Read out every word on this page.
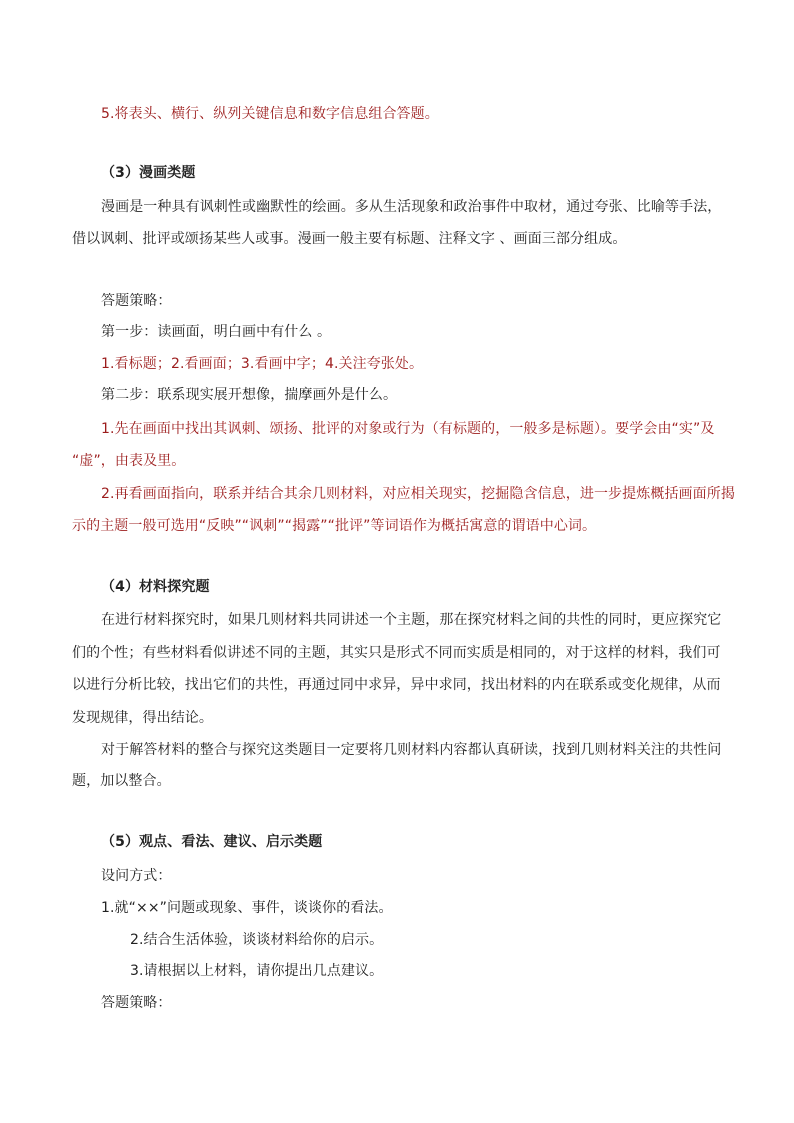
5.将表头、横行、纵列关键信息和数字信息组合答题。
（3）漫画类题
漫画是一种具有讽刺性或幽默性的绘画。多从生活现象和政治事件中取材，通过夸张、比喻等手法，
借以讽刺、批评或颂扬某些人或事。漫画一般主要有标题、注释文字 、画面三部分组成。
答题策略：
第一步：读画面，明白画中有什么 。
1.看标题；2.看画面；3.看画中字；4.关注夸张处。
第二步：联系现实展开想像，揣摩画外是什么。
1.先在画面中找出其讽刺、颂扬、批评的对象或行为（有标题的，一般多是标题）。要学会由“实”及
“虚”，由表及里。
2.再看画面指向，联系并结合其余几则材料，对应相关现实，挖掘隐含信息，进一步提炼概括画面所揭
示的主题一般可选用“反映”“讽刺”“揭露”“批评”等词语作为概括寓意的谓语中心词。
（4）材料探究题
在进行材料探究时，如果几则材料共同讲述一个主题，那在探究材料之间的共性的同时，更应探究它
们的个性；有些材料看似讲述不同的主题，其实只是形式不同而实质是相同的，对于这样的材料，我们可
以进行分析比较，找出它们的共性，再通过同中求异，异中求同，找出材料的内在联系或变化规律，从而
发现规律，得出结论。
对于解答材料的整合与探究这类题目一定要将几则材料内容都认真研读，找到几则材料关注的共性问
题，加以整合。
（5）观点、看法、建议、启示类题
设问方式：
1.就“××”问题或现象、事件，谈谈你的看法。
2.结合生活体验，谈谈材料给你的启示。
3.请根据以上材料，请你提出几点建议。
答题策略：
